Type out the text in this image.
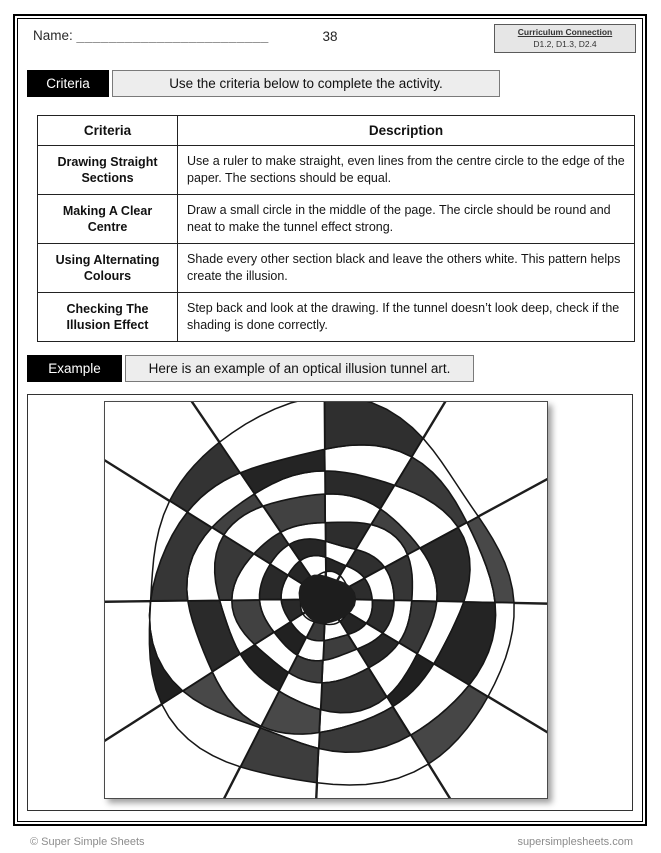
Name: ________________________	38	Curriculum Connection
D1.2, D1.3, D2.4
Criteria	Use the criteria below to complete the activity.
Criteria	Description
Drawing Straight Sections	Use a ruler to make straight, even lines from the centre circle to the edge of the paper. The sections should be equal.
Making A Clear Centre	Draw a small circle in the middle of the page. The circle should be round and neat to make the tunnel effect strong.
Using Alternating Colours	Shade every other section black and leave the others white. This pattern helps create the illusion.
Checking The Illusion Effect	Step back and look at the drawing. If the tunnel doesn’t look deep, check if the shading is done correctly.
Example	Here is an example of an optical illusion tunnel art.
© Super Simple Sheets	supersimplesheets.com
